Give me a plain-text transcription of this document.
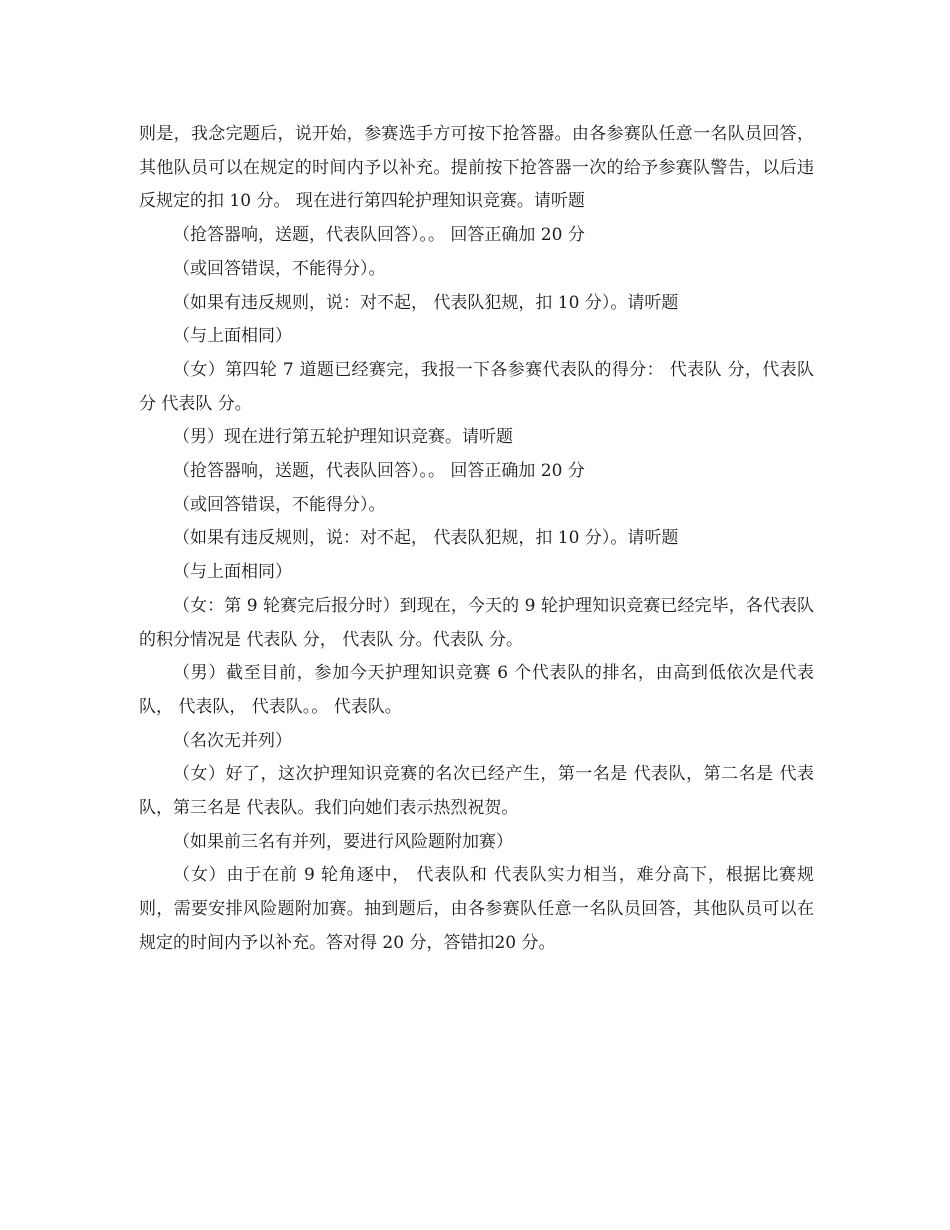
则是，我念完题后，说开始，参赛选手方可按下抢答器。由各参赛队任意一名队员回答，其他队员可以在规定的时间内予以补充。提前按下抢答器一次的给予参赛队警告，以后违反规定的扣 10 分。 现在进行第四轮护理知识竞赛。请听题

（抢答器响，送题，代表队回答）。。 回答正确加 20 分

（或回答错误，不能得分）。

（如果有违反规则，说：对不起， 代表队犯规，扣 10 分）。请听题

（与上面相同）

（女）第四轮 7 道题已经赛完，我报一下各参赛代表队的得分： 代表队 分，代表队 分 代表队 分。

（男）现在进行第五轮护理知识竞赛。请听题

（抢答器响，送题，代表队回答）。。 回答正确加 20 分

（或回答错误，不能得分）。

（如果有违反规则，说：对不起， 代表队犯规，扣 10 分）。请听题

（与上面相同）

（女：第 9 轮赛完后报分时）到现在，今天的 9 轮护理知识竞赛已经完毕，各代表队的积分情况是 代表队 分， 代表队 分。代表队 分。

（男）截至目前，参加今天护理知识竞赛 6 个代表队的排名，由高到低依次是代表队， 代表队， 代表队。。 代表队。

（名次无并列）

（女）好了，这次护理知识竞赛的名次已经产生，第一名是 代表队，第二名是 代表队，第三名是 代表队。我们向她们表示热烈祝贺。

（如果前三名有并列，要进行风险题附加赛）

（女）由于在前 9 轮角逐中， 代表队和 代表队实力相当，难分高下，根据比赛规则，需要安排风险题附加赛。抽到题后，由各参赛队任意一名队员回答，其他队员可以在规定的时间内予以补充。答对得 20 分，答错扣20 分。
